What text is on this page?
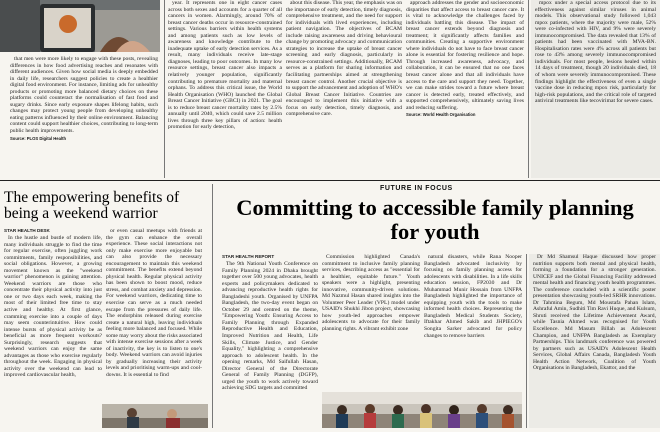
that men were more likely to engage with these posts, revealing differences in how food advertising reaches and resonates with different audiences. Given how social media is deeply embedded in daily life, researchers suggest policies to create a healthier digital food environment. For instance, limiting ads for unhealthy products or promoting more balanced dietary choices on these platforms could counteract the normalisation of fast food and sugary drinks. Since early exposure shapes lifelong habits, such changes may protect young people from developing unhealthy eating patterns influenced by their online environment. Balancing content could support healthier choices, contributing to long-term public health improvements.

Source: PLOS Digital Health

year. It represents one in eight cancer cases across both sexes and accounts for a quarter of all cancers in women. Alarmingly, around 70% of breast cancer deaths occur in resource-constrained settings. Various barriers within health systems and among patients such as low levels of awareness and knowledge contribute to the inadequate uptake of early detection services. As a result, many individuals receive late-stage diagnoses, leading to poor outcomes. In many low resource settings, breast cancer also impacts a relatively younger population, significantly contributing to premature mortality and maternal orphans. To address this critical issue, the World Health Organisation (WHO) launched the Global Breast Cancer Initiative (GBCI) in 2021. The goal is to reduce breast cancer mortality rates by 2.5% annually until 2040, which could save 2.5 million lives through three key pillars of action: health promotion for early detection,

about this disease. This year, the emphasis was on the importance of early detection, timely diagnosis, comprehensive treatment, and the need for support for individuals with lived experiences, including patient navigation. The objectives of BCAM include raising awareness and driving behavioural change by promoting advocacy and communication strategies to increase the uptake of breast cancer screening and early diagnosis, particularly in resource-constrained settings. Additionally, BCAM serves as a platform for sharing information and facilitating partnerships aimed at strengthening breast cancer control. Another crucial objective is to support the advancement and adoption of WHO's Global Breast Cancer Initiative. Countries are encouraged to implement this initiative with a focus on early detection, timely diagnosis, and comprehensive care.

approach addresses the gender and socioeconomic disparities that affect access to breast cancer care. It is vital to acknowledge the challenges faced by individuals battling this disease. The impact of breast cancer extends beyond diagnosis and treatment; it significantly affects families and communities. Creating a supportive environment where individuals do not have to face breast cancer alone is essential for fostering resilience and hope. Through increased awareness, advocacy, and collaboration, it can be ensured that no one faces breast cancer alone and that all individuals have access to the care and support they need. Together, we can make strides toward a future where breast cancer is detected early, treated effectively, and supported comprehensively, ultimately saving lives and reducing suffering.

Source: World Health Organisation

mpox under a special access protocol due to its effectiveness against similar viruses in animal models. This observational study followed 1,043 mpox patients, where the majority were male, 52% were co-infected with HIV, and 9% were severely immunocompromised. The data revealed that 13% of patients had been vaccinated with MVA-BN. Hospitalisation rates were 4% across all patients but rose to 43% among severely immunocompromised individuals. For most people, lesions healed within 14 days of treatment, though 20 individuals died, 18 of whom were severely immunocompromised. These findings highlight the effectiveness of even a single vaccine dose in reducing mpox risk, particularly for high-risk populations, and the critical role of targeted antiviral treatments like tecovirimat for severe cases.

The empowering benefits of being a weekend warrior
STAR HEALTH DESK

In the hustle and bustle of modern life, many individuals struggle to find the time for regular exercise, often juggling work commitments, family responsibilities, and social obligations. However, a growing movement known as the "weekend warrior" phenomenon is gaining attention. Weekend warriors are those who concentrate their physical activity into just one or two days each week, making the most of their limited free time to stay active and healthy. At first glance, cramming exercise into a couple of days may seem counterintuitive. How could intense bursts of physical activity be as beneficial as more frequent workouts? Surprisingly, research suggests that weekend warriors can enjoy the same advantages as those who exercise regularly throughout the week. Engaging in physical activity over the weekend can lead to improved cardiovascular health,

or even casual meetups with friends at the gym can enhance the overall experience. These social interactions not only make exercise more enjoyable but can also provide the necessary encouragement to maintain this weekend commitment. The benefits extend beyond physical health. Regular physical activity has been shown to boost mood, reduce stress, and combat anxiety and depression. For weekend warriors, dedicating time to exercise can serve as a much needed escape from the pressures of daily life. The endorphins released during exercise create a natural high, leaving individuals feeling more balanced and focused. While some may worry about the risks associated with intense exercise sessions after a week of inactivity, the key is to listen to one's body. Weekend warriors can avoid injuries by gradually increasing their activity levels and prioritising warm-ups and cool-downs. It is essential to find

FUTURE IN FOCUS
Committing to accessible family planning for youth
STAR HEALTH REPORT

The 9th National Youth Conference on Family Planning 2024 in Dhaka brought together over 500 young advocates, health experts and policymakers dedicated to advancing reproductive health rights for Bangladeshi youth. Organised by UNFPA Bangladesh, the two-day event began on October 29 and centred on the theme, "Empowering Youth: Ensuring Access to Family Planning through Expanded Reproductive Health and Education, Improved Nutrition and Health, Life Skills, Climate Justice, and Gender Equality," highlighting a comprehensive approach to adolescent health. In the opening remarks, Md Saifullah Hasan, Director General of the Directorate General of Family Planning (DGFP), urged the youth to work actively toward achieving SDG targets and committed

Commission highlighted Canada's commitment to inclusive family planning services, describing access as "essential for a healthier, equitable future." Youth speakers were a highlight, presenting innovative, community-driven solutions. Md Nazmul Hasan shared insights into the Volunteer Peer Leader (VPL) model under USAID's Shukhi Jibon project, showcasing how youth-led approaches empower adolescents to advocate for their family planning rights. A vibrant exhibit zone

natural disasters, while Rana Nooper Bangladesh advocated inclusivity by focusing on family planning access for adolescents with disabilities. In a life skills education session, FP2030 and Dr Muhammad Munir Hossain from UNFPA Bangladesh highlighted the importance of equipping youth with the tools to make informed health choices. Representing the Bangladesh Medical Students Society, Iftakhar Ahmed Sakib and JHPIEGO's Songita Sarker advocated for policy changes to remove barriers

Dr Md Shamsul Haque discussed how proper nutrition supports both mental and physical health, forming a foundation for a stronger generation. UNICEF and the Global Financing Facility addressed mental health and financing youth health programmes. The conference concluded with a scientific poster presentation showcasing youth-led SRHR innovations. Dr Tahmina Begum, Md Moustafa Pahan Islam, Ashraful Amin, Sudhiti Tim Ravi Huque, and Kulsum, Shruti received the Lifetime Achievement Award, while Tasnia Ahmed was recognised for Youth Excellence. Md Masum Billah as Adolescent Champion, and UNFPA Bangladesh as Exemplary Partnerships. This landmark conference was powered by partners such as USAID's Adolescent Health Services, Global Affairs Canada, Bangladesh Youth Health Action Network, Coalition of Youth Organisations in Bangladesh, Ekattor, and the
